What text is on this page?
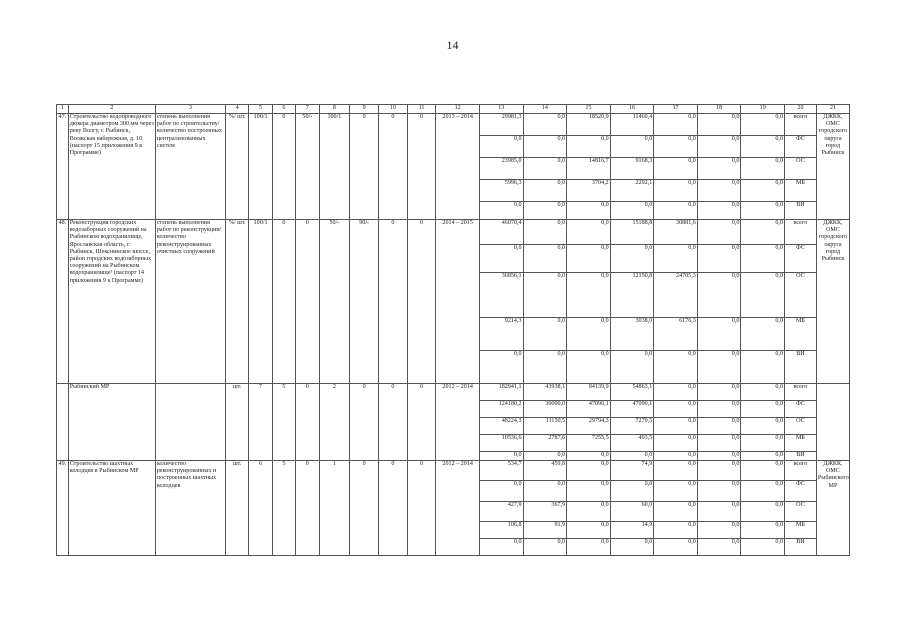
14
1	2	3	4	5	6	7	8	9	10	11	12	13	14	15	16	17	18	19	20	21
47.	Строительство водопроводного дюкера диаметром 300 мм через реку Волгу, г. Рыбинск, Волжская набережная, д. 10 (паспорт 15 приложения 9 к Программе)	степень выполнения работ по строительству/ количество построенных централизованных систем	%/ шт.	100/1	0	50/-	100/1	0	0	0	2013 – 2014	29981,3	0,0	18520,9	11460,4	0,0	0,0	0,0	всего	ДЖКК, ОМС городского округа город Рыбинск
												0,0	0,0	0,0	0,0	0,0	0,0	0,0	ФС	
												23985,0	0,0	14816,7	9168,3	0,0	0,0	0,0	ОС	
												5996,3	0,0	3704,2	2292,1	0,0	0,0	0,0	МБ	
												0,0	0,0	0,0	0,0	0,0	0,0	0,0	ВИ	
48.	Реконструкция городских водозаборных сооружений на Рыбинском водохранилище, Ярославская область, г. Рыбинск, Шекснинское шоссе, район городских водозаборных сооружений на Рыбинском водохранилище¹ (паспорт 14 приложения 9 к Программе)	степень выполнения работ по реконструкции/ количество реконструированных очистных сооружений	%/ шт.	100/1	0	0	50/-	90/-	0	0	2014 – 2015	46070,4	0,0	0,0	15188,8	30881,6	0,0	0,0	всего	ДЖКК, ОМС городского округа город Рыбинск
												0,0	0,0	0,0	0,0	0,0	0,0	0,0	ФС	
												36856,1	0,0	0,0	12150,8	24705,3	0,0	0,0	ОС	
												9214,3	0,0	0,0	3038,0	6176,3	0,0	0,0	МБ	
												0,0	0,0	0,0	0,0	0,0	0,0	0,0	ВИ	
	Рыбинский МР		шт.	7	5	0	2	0	0	0	2012 – 2014	182941,1	43938,1	84139,9	54863,1	0,0	0,0	0,0	всего	
												124180,2	30000,0	47090,1	47090,1	0,0	0,0	0,0	ФС	
												48224,3	11150,5	29794,3	7279,5	0,0	0,0	0,0	ОС	
												10536,6	2787,6	7255,5	493,5	0,0	0,0	0,0	МБ	
												0,0	0,0	0,0	0,0	0,0	0,0	0,0	ВИ	
49.	Строительство шахтных колодцев в Рыбинском МР	количество реконструированных и построенных шахтных колодцев	шт.	6	5	0	1	0	0	0	2012 – 2014	534,7	459,8	0,0	74,9	0,0	0,0	0,0	всего	ДЖКК, ОМС Рыбинского МР
												0,0	0,0	0,0	0,0	0,0	0,0	0,0	ФС	
												427,9	367,9	0,0	60,0	0,0	0,0	0,0	ОС	
												106,8	91,9	0,0	14,9	0,0	0,0	0,0	МБ	
												0,0	0,0	0,0	0,0	0,0	0,0	0,0	ВИ	
